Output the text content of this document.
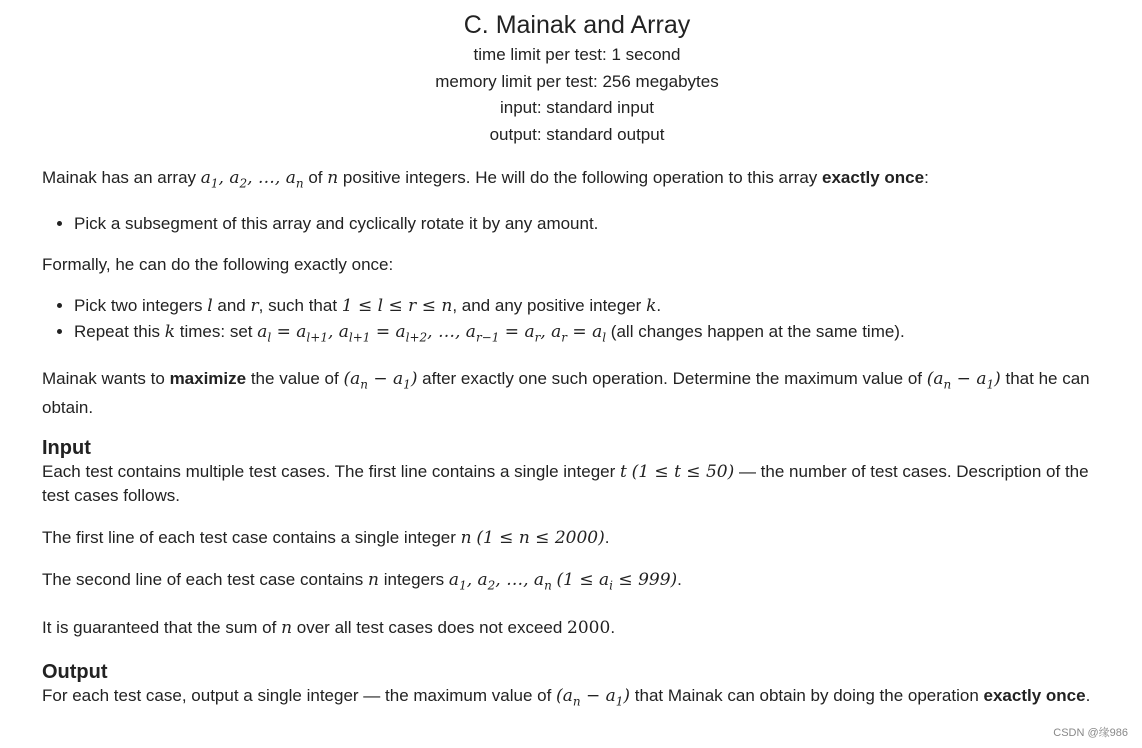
C. Mainak and Array
time limit per test: 1 second
memory limit per test: 256 megabytes
input: standard input
output: standard output

Mainak has an array $a_1$, $a_2$, …, $a_n$ of n positive integers. He will do the following operation to this array exactly once:

• Pick a subsegment of this array and cyclically rotate it by any amount.

Formally, he can do the following exactly once:

• Pick two integers l and r, such that 1 ≤ l ≤ r ≤ n, and any positive integer k.
• Repeat this k times: set $a_l = a_{l+1}$, $a_{l+1} = a_{l+2}$, …, $a_{r-1} = a_r$, $a_r = a_l$ (all changes happen at the same time).

Mainak wants to maximize the value of $(a_n - a_1)$ after exactly one such operation. Determine the maximum value of $(a_n - a_1)$ that he can obtain.

Input

Each test contains multiple test cases. The first line contains a single integer t (1 ≤ t ≤ 50) — the number of test cases. Description of the test cases follows.

The first line of each test case contains a single integer n (1 ≤ n ≤ 2000).

The second line of each test case contains n integers $a_1$, $a_2$, …, $a_n$ $(1 \le a_i \le 999)$.

It is guaranteed that the sum of n over all test cases does not exceed 2000.

Output

For each test case, output a single integer — the maximum value of $(a_n - a_1)$ that Mainak can obtain by doing the operation exactly once.

CSDN @缘986
